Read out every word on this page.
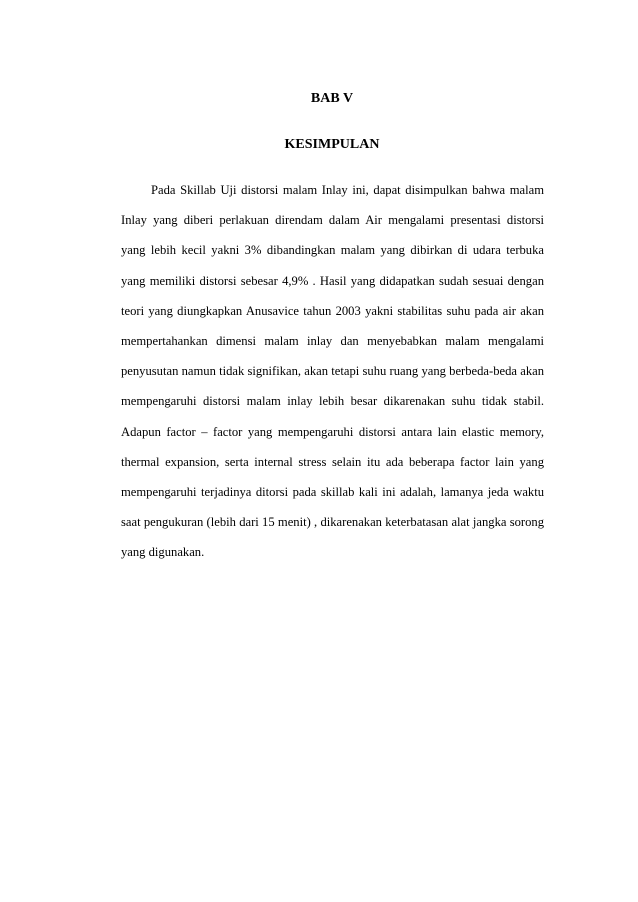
BAB V
KESIMPULAN

Pada Skillab Uji distorsi malam Inlay ini, dapat disimpulkan bahwa malam Inlay yang diberi perlakuan direndam dalam Air mengalami presentasi distorsi yang lebih kecil yakni 3% dibandingkan malam yang dibirkan di udara terbuka yang memiliki distorsi sebesar 4,9% . Hasil yang didapatkan sudah sesuai dengan teori yang diungkapkan Anusavice tahun 2003 yakni stabilitas suhu pada air akan mempertahankan dimensi malam inlay dan menyebabkan malam mengalami penyusutan namun tidak signifikan, akan tetapi suhu ruang yang berbeda-beda akan mempengaruhi distorsi malam inlay lebih besar dikarenakan suhu tidak stabil. Adapun factor – factor yang mempengaruhi distorsi antara lain elastic memory, thermal expansion, serta internal stress selain itu ada beberapa factor lain yang mempengaruhi terjadinya ditorsi pada skillab kali ini adalah, lamanya jeda waktu saat pengukuran (lebih dari 15 menit) , dikarenakan keterbatasan alat jangka sorong yang digunakan.
